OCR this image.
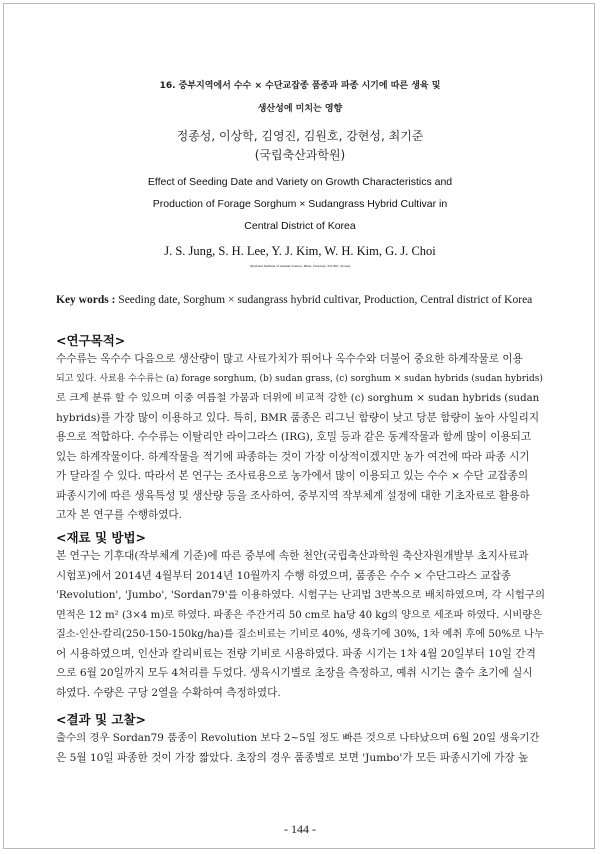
16. 중부지역에서 수수 × 수단교잡종 품종과 파종 시기에 따른 생육 및
생산성에 미치는 영향
정종성, 이상학, 김영진, 김원호, 강현성, 최기준
(국립축산과학원)
Effect of Seeding Date and Variety on Growth Characteristics and
Production of Forage Sorghum × Sudangrass Hybrid Cultivar in
Central District of Korea
J. S. Jung, S. H. Lee, Y. J. Kim, W. H. Kim, G. J. Choi
(National Institute of Animal Science, RDA, Cheonan, 331-801, Korea)
Key words : Seeding date, Sorghum × sudangrass hybrid cultivar, Production, Central district of Korea
<연구목적>
수수류는 옥수수 다음으로 생산량이 많고 사료가치가 뛰어나 옥수수와 더불어 중요한 하계작물로 이용
되고 있다. 사료용 수수류는 (a) forage sorghum, (b) sudan grass, (c) sorghum × sudan hybrids (sudan hybrids)
로 크게 분류 할 수 있으며 이중 여름철 가뭄과 더위에 비교적 강한 (c) sorghum × sudan hybrids (sudan
hybrids)를 가장 많이 이용하고 있다. 특히, BMR 품종은 리그닌 함량이 낮고 당분 함량이 높아 사일리지
용으로 적합하다. 수수류는 이탈리안 라이그라스 (IRG), 호밀 등과 같은 동계작물과 함께 많이 이용되고
있는 하계작물이다. 하계작물을 적기에 파종하는 것이 가장 이상적이겠지만 농가 여건에 따라 파종 시기
가 달라질 수 있다. 따라서 본 연구는 조사료용으로 농가에서 많이 이용되고 있는 수수 × 수단 교잡종의
파종시기에 따른 생육특성 및 생산량 등을 조사하여, 중부지역 작부체계 설정에 대한 기초자료로 활용하
고자 본 연구를 수행하였다.
<재료 및 방법>
본 연구는 기후대(작부체계 기준)에 따른 중부에 속한 천안(국립축산과학원 축산자원개발부 초지사료과
시험포)에서 2014년 4월부터 2014년 10월까지 수행 하였으며, 품종은 수수 × 수단그라스 교잡종
'Revolution', 'Jumbo', 'Sordan79'를 이용하였다. 시험구는 난괴법 3반복으로 배치하였으며, 각 시험구의
면적은 12 m² (3×4 m)로 하였다. 파종은 주간거리 50 cm로 ha당 40 kg의 양으로 세조파 하였다. 시비량은
질소-인산-칼리(250-150-150kg/ha)를 질소비료는 기비로 40%, 생육기에 30%, 1차 예취 후에 50%로 나누
어 시용하였으며, 인산과 칼리비료는 전량 기비로 시용하였다. 파종 시기는 1차 4월 20일부터 10일 간격
으로 6월 20일까지 모두 4처리를 두었다. 생육시기별로 초장을 측정하고, 예취 시기는 출수 초기에 실시
하였다. 수량은 구당 2열을 수확하여 측정하였다.
<결과 및 고찰>
출수의 경우 Sordan79 품종이 Revolution 보다 2~5일 정도 빠른 것으로 나타났으며 6월 20일 생육기간
은 5월 10일 파종한 것이 가장 짧았다. 초장의 경우 품종별로 보면 'Jumbo'가 모든 파종시기에 가장 높
- 144 -
